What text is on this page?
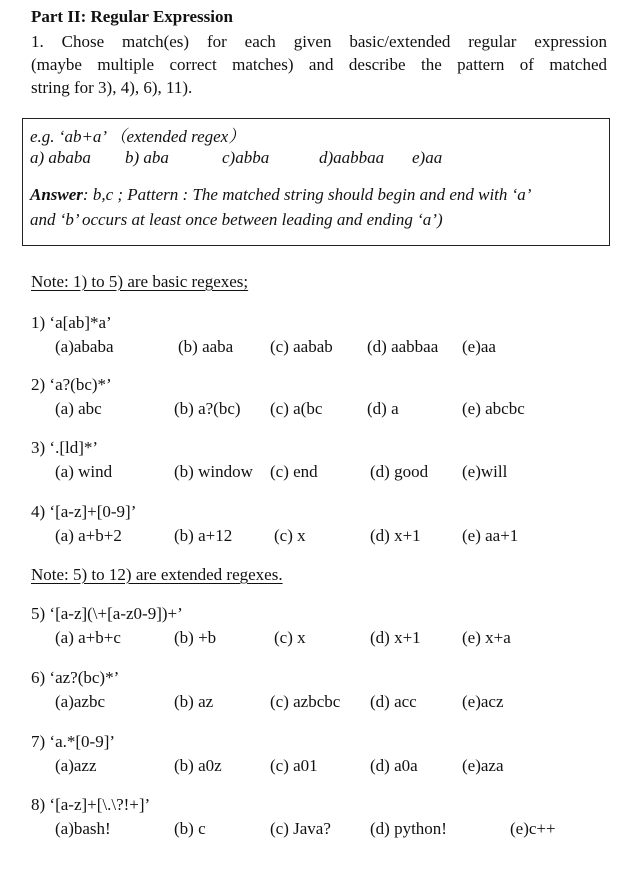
Part II: Regular Expression
1. Chose match(es) for each given basic/extended regular expression
(maybe multiple correct matches) and describe the pattern of matched
string for 3), 4), 6), 11).
e.g. ‘ab+a’ （extended regex）
a) ababa b) aba	c)abba	d)aabbaa e)aa
Answer: b,c ; Pattern : The matched string should begin and end with ‘a’
and ‘b’ occurs at least once between leading and ending ‘a’)
Note: 1) to 5) are basic regexes;
1) ‘a[ab]*a’
(a)ababa	(b) aaba (c) aabab (d) aabbaa (e)aa
2) ‘a?(bc)*’
(a) abc	(b) a?(bc) (c) a(bc	(d) a	(e) abcbc
3) ‘.[ld]*’
(a) wind	(b) window (c) end	(d) good (e)will
4) ‘[a-z]+[0-9]’
(a) a+b+2	(b) a+12 (c) x	(d) x+1 (e) aa+1
Note: 5) to 12) are extended regexes.
5) ‘[a-z](\+[a-z0-9])+’
(a) a+b+c	(b) +b	(c) x	(d) x+1 (e) x+a
6) ‘az?(bc)*’
(a)azbc	(b) az	(c) azbcbc (d) acc	(e)acz
7) ‘a.*[0-9]’
(a)azz	(b) a0z	(c) a01	(d) a0a	(e)aza
8) ‘[a-z]+[\.\?!+]’
(a)bash!	(b) c	(c) Java? (d) python!	(e)c++
